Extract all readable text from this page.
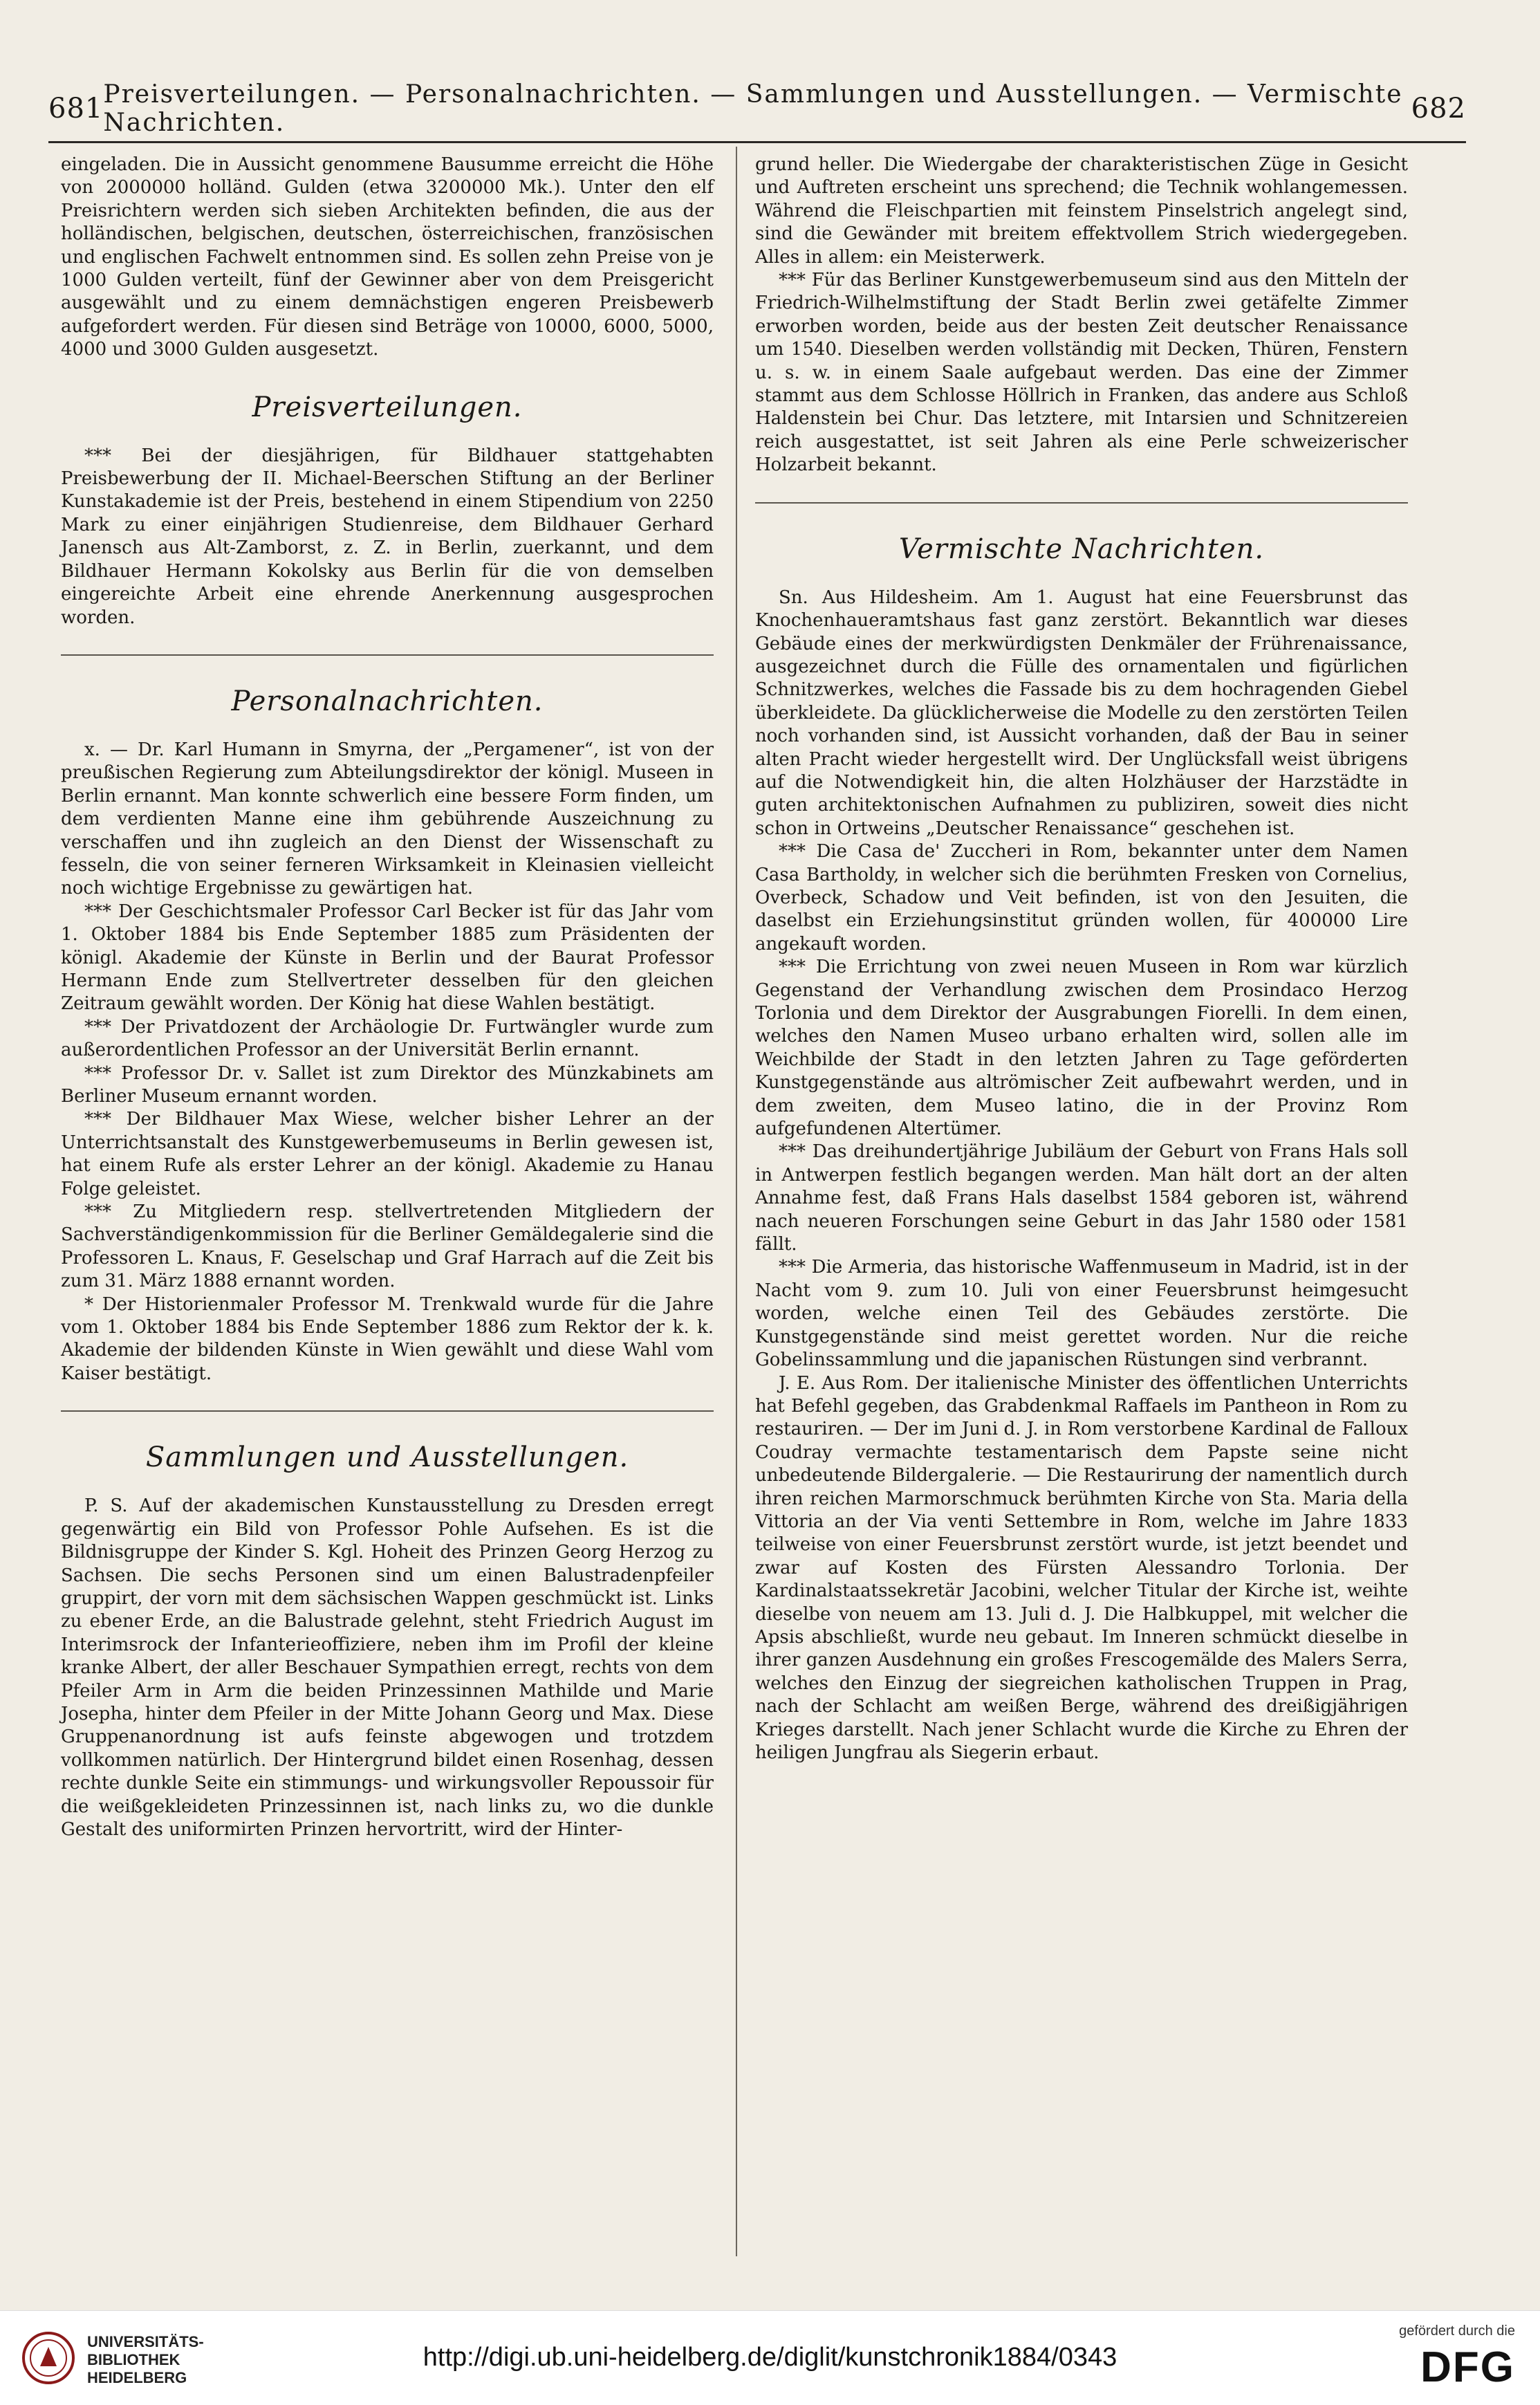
681 Preisverteilungen. — Personalnachrichten. — Sammlungen und Ausstellungen. — Vermischte Nachrichten.	682

eingeladen. Die in Aussicht genommene Bausumme erreicht die Höhe von 2000000 holländ. Gulden (etwa 3200000 Mk.). Unter den elf Preisrichtern werden sich sieben Architekten befinden, die aus der holländischen, belgischen, deutschen, österreichischen, französischen und englischen Fachwelt entnommen sind. Es sollen zehn Preise von je 1000 Gulden verteilt, fünf der Gewinner aber von dem Preisgericht ausgewählt und zu einem demnächstigen engeren Preisbewerb aufgefordert werden. Für diesen sind Beträge von 10000, 6000, 5000, 4000 und 3000 Gulden ausgesetzt.

Preisverteilungen.

*** Bei der diesjährigen, für Bildhauer stattgehabten Preisbewerbung der II. Michael-Beerschen Stiftung an der Berliner Kunstakademie ist der Preis, bestehend in einem Stipendium von 2250 Mark zu einer einjährigen Studienreise, dem Bildhauer Gerhard Janensch aus Alt-Zamborst, z. Z. in Berlin, zuerkannt, und dem Bildhauer Hermann Kokolsky aus Berlin für die von demselben eingereichte Arbeit eine ehrende Anerkennung ausgesprochen worden.

Personalnachrichten.

x. — Dr. Karl Humann in Smyrna, der „Pergamener“, ist von der preußischen Regierung zum Abteilungsdirektor der königl. Museen in Berlin ernannt. Man konnte schwerlich eine bessere Form finden, um dem verdienten Manne eine ihm gebührende Auszeichnung zu verschaffen und ihn zugleich an den Dienst der Wissenschaft zu fesseln, die von seiner ferneren Wirksamkeit in Kleinasien vielleicht noch wichtige Ergebnisse zu gewärtigen hat.

*** Der Geschichtsmaler Professor Carl Becker ist für das Jahr vom 1. Oktober 1884 bis Ende September 1885 zum Präsidenten der königl. Akademie der Künste in Berlin und der Baurat Professor Hermann Ende zum Stellvertreter desselben für den gleichen Zeitraum gewählt worden. Der König hat diese Wahlen bestätigt.

*** Der Privatdozent der Archäologie Dr. Furtwängler wurde zum außerordentlichen Professor an der Universität Berlin ernannt.

*** Professor Dr. v. Sallet ist zum Direktor des Münzkabinets am Berliner Museum ernannt worden.

*** Der Bildhauer Max Wiese, welcher bisher Lehrer an der Unterrichtsanstalt des Kunstgewerbemuseums in Berlin gewesen ist, hat einem Rufe als erster Lehrer an der königl. Akademie zu Hanau Folge geleistet.

*** Zu Mitgliedern resp. stellvertretenden Mitgliedern der Sachverständigenkommission für die Berliner Gemäldegalerie sind die Professoren L. Knaus, F. Geselschap und Graf Harrach auf die Zeit bis zum 31. März 1888 ernannt worden.

* Der Historienmaler Professor M. Trenkwald wurde für die Jahre vom 1. Oktober 1884 bis Ende September 1886 zum Rektor der k. k. Akademie der bildenden Künste in Wien gewählt und diese Wahl vom Kaiser bestätigt.

Sammlungen und Ausstellungen.

P. S. Auf der akademischen Kunstausstellung zu Dresden erregt gegenwärtig ein Bild von Professor Pohle Aufsehen. Es ist die Bildnisgruppe der Kinder S. Kgl. Hoheit des Prinzen Georg Herzog zu Sachsen. Die sechs Personen sind um einen Balustradenpfeiler gruppirt, der vorn mit dem sächsischen Wappen geschmückt ist. Links zu ebener Erde, an die Balustrade gelehnt, steht Friedrich August im Interimsrock der Infanterieoffiziere, neben ihm im Profil der kleine kranke Albert, der aller Beschauer Sympathien erregt, rechts von dem Pfeiler Arm in Arm die beiden Prinzessinnen Mathilde und Marie Josepha, hinter dem Pfeiler in der Mitte Johann Georg und Max. Diese Gruppenanordnung ist aufs feinste abgewogen und trotzdem vollkommen natürlich. Der Hintergrund bildet einen Rosenhag, dessen rechte dunkle Seite ein stimmungs- und wirkungsvoller Repoussoir für die weißgekleideten Prinzessinnen ist, nach links zu, wo die dunkle Gestalt des uniformirten Prinzen hervortritt, wird der Hinter-

grund heller. Die Wiedergabe der charakteristischen Züge in Gesicht und Auftreten erscheint uns sprechend; die Technik wohlangemessen. Während die Fleischpartien mit feinstem Pinselstrich angelegt sind, sind die Gewänder mit breitem effektvollem Strich wiedergegeben. Alles in allem: ein Meisterwerk.

*** Für das Berliner Kunstgewerbemuseum sind aus den Mitteln der Friedrich-Wilhelmstiftung der Stadt Berlin zwei getäfelte Zimmer erworben worden, beide aus der besten Zeit deutscher Renaissance um 1540. Dieselben werden vollständig mit Decken, Thüren, Fenstern u. s. w. in einem Saale aufgebaut werden. Das eine der Zimmer stammt aus dem Schlosse Höllrich in Franken, das andere aus Schloß Haldenstein bei Chur. Das letztere, mit Intarsien und Schnitzereien reich ausgestattet, ist seit Jahren als eine Perle schweizerischer Holzarbeit bekannt.

Vermischte Nachrichten.

Sn. Aus Hildesheim. Am 1. August hat eine Feuersbrunst das Knochenhaueramtshaus fast ganz zerstört. Bekanntlich war dieses Gebäude eines der merkwürdigsten Denkmäler der Frührenaissance, ausgezeichnet durch die Fülle des ornamentalen und figürlichen Schnitzwerkes, welches die Fassade bis zu dem hochragenden Giebel überkleidete. Da glücklicherweise die Modelle zu den zerstörten Teilen noch vorhanden sind, ist Aussicht vorhanden, daß der Bau in seiner alten Pracht wieder hergestellt wird. Der Unglücksfall weist übrigens auf die Notwendigkeit hin, die alten Holzhäuser der Harzstädte in guten architektonischen Aufnahmen zu publiziren, soweit dies nicht schon in Ortweins „Deutscher Renaissance“ geschehen ist.

*** Die Casa de' Zuccheri in Rom, bekannter unter dem Namen Casa Bartholdy, in welcher sich die berühmten Fresken von Cornelius, Overbeck, Schadow und Veit befinden, ist von den Jesuiten, die daselbst ein Erziehungsinstitut gründen wollen, für 400000 Lire angekauft worden.

*** Die Errichtung von zwei neuen Museen in Rom war kürzlich Gegenstand der Verhandlung zwischen dem Prosindaco Herzog Torlonia und dem Direktor der Ausgrabungen Fiorelli. In dem einen, welches den Namen Museo urbano erhalten wird, sollen alle im Weichbilde der Stadt in den letzten Jahren zu Tage geförderten Kunstgegenstände aus altrömischer Zeit aufbewahrt werden, und in dem zweiten, dem Museo latino, die in der Provinz Rom aufgefundenen Altertümer.

*** Das dreihundertjährige Jubiläum der Geburt von Frans Hals soll in Antwerpen festlich begangen werden. Man hält dort an der alten Annahme fest, daß Frans Hals daselbst 1584 geboren ist, während nach neueren Forschungen seine Geburt in das Jahr 1580 oder 1581 fällt.

*** Die Armeria, das historische Waffenmuseum in Madrid, ist in der Nacht vom 9. zum 10. Juli von einer Feuersbrunst heimgesucht worden, welche einen Teil des Gebäudes zerstörte. Die Kunstgegenstände sind meist gerettet worden. Nur die reiche Gobelinssammlung und die japanischen Rüstungen sind verbrannt.

J. E. Aus Rom. Der italienische Minister des öffentlichen Unterrichts hat Befehl gegeben, das Grabdenkmal Raffaels im Pantheon in Rom zu restauriren. — Der im Juni d. J. in Rom verstorbene Kardinal de Falloux Coudray vermachte testamentarisch dem Papste seine nicht unbedeutende Bildergalerie. — Die Restaurirung der namentlich durch ihren reichen Marmorschmuck berühmten Kirche von Sta. Maria della Vittoria an der Via venti Settembre in Rom, welche im Jahre 1833 teilweise von einer Feuersbrunst zerstört wurde, ist jetzt beendet und zwar auf Kosten des Fürsten Alessandro Torlonia. Der Kardinalstaatssekretär Jacobini, welcher Titular der Kirche ist, weihte dieselbe von neuem am 13. Juli d. J. Die Halbkuppel, mit welcher die Apsis abschließt, wurde neu gebaut. Im Inneren schmückt dieselbe in ihrer ganzen Ausdehnung ein großes Frescogemälde des Malers Serra, welches den Einzug der siegreichen katholischen Truppen in Prag, nach der Schlacht am weißen Berge, während des dreißigjährigen Krieges darstellt. Nach jener Schlacht wurde die Kirche zu Ehren der heiligen Jungfrau als Siegerin erbaut.

UNIVERSITÄTS-
BIBLIOTHEK
HEIDELBERG
http://digi.ub.uni-heidelberg.de/diglit/kunstchronik1884/0343
gefördert durch die
DFG
